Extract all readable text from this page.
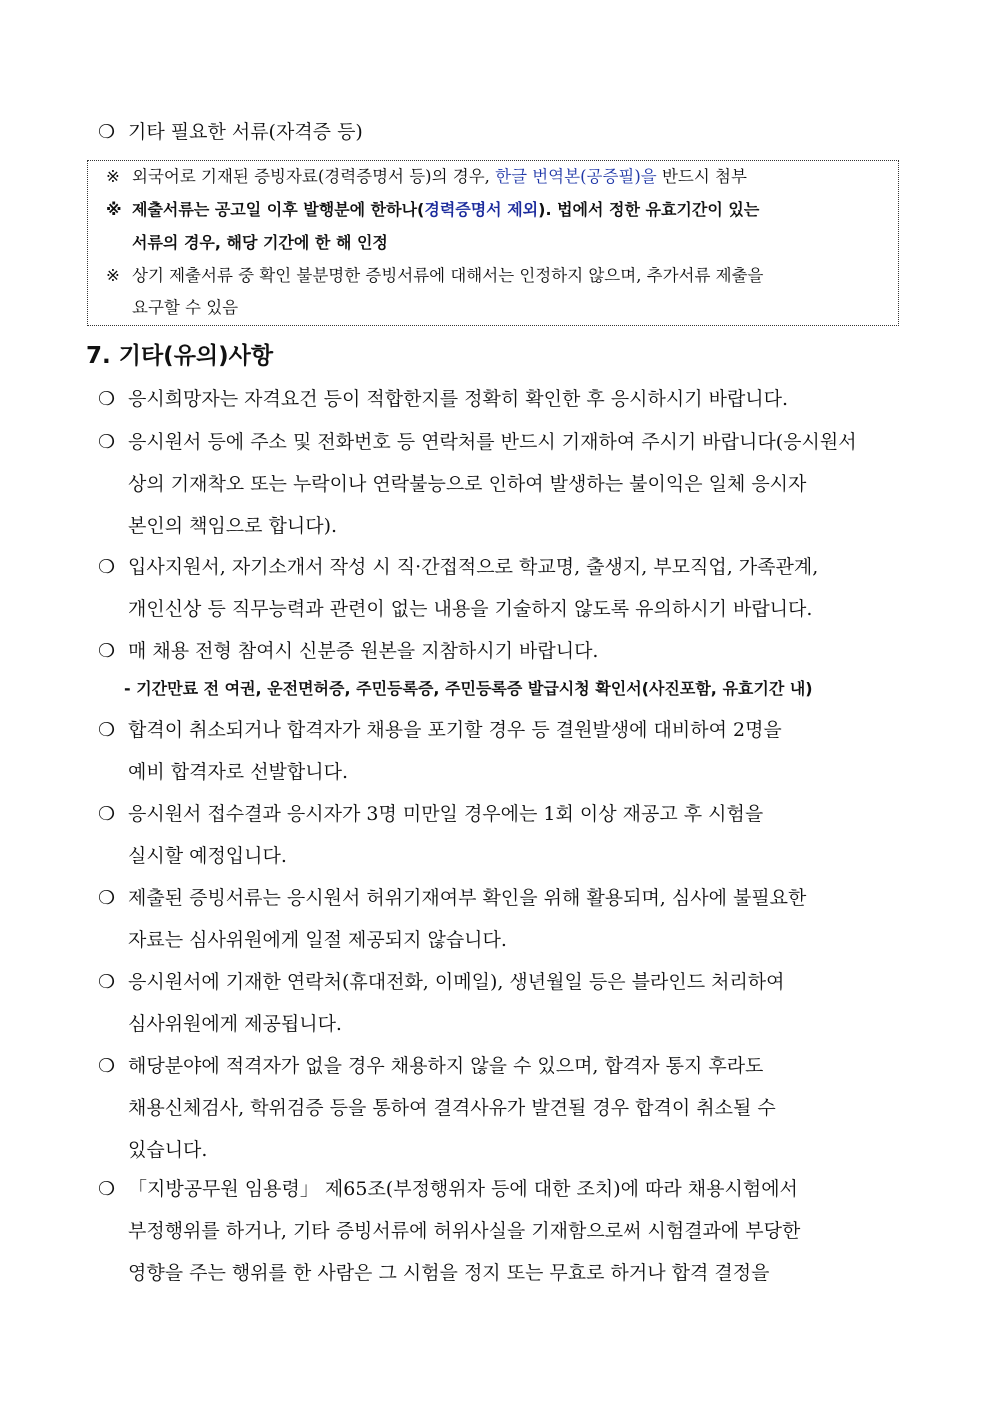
❍ 기타 필요한 서류(자격증 등)
※ 외국어로 기재된 증빙자료(경력증명서 등)의 경우, 한글 번역본(공증필)을 반드시 첨부
※ 제출서류는 공고일 이후 발행분에 한하나(경력증명서 제외). 법에서 정한 유효기간이 있는
서류의 경우, 해당 기간에 한 해 인정
※ 상기 제출서류 중 확인 불분명한 증빙서류에 대해서는 인정하지 않으며, 추가서류 제출을
요구할 수 있음
7. 기타(유의)사항
❍ 응시희망자는 자격요건 등이 적합한지를 정확히 확인한 후 응시하시기 바랍니다.
❍ 응시원서 등에 주소 및 전화번호 등 연락처를 반드시 기재하여 주시기 바랍니다(응시원서
상의 기재착오 또는 누락이나 연락불능으로 인하여 발생하는 불이익은 일체 응시자
본인의 책임으로 합니다).
❍ 입사지원서, 자기소개서 작성 시 직·간접적으로 학교명, 출생지, 부모직업, 가족관계,
개인신상 등 직무능력과 관련이 없는 내용을 기술하지 않도록 유의하시기 바랍니다.
❍ 매 채용 전형 참여시 신분증 원본을 지참하시기 바랍니다.
- 기간만료 전 여권, 운전면허증, 주민등록증, 주민등록증 발급시청 확인서(사진포함, 유효기간 내)
❍ 합격이 취소되거나 합격자가 채용을 포기할 경우 등 결원발생에 대비하여 2명을
예비 합격자로 선발합니다.
❍ 응시원서 접수결과 응시자가 3명 미만일 경우에는 1회 이상 재공고 후 시험을
실시할 예정입니다.
❍ 제출된 증빙서류는 응시원서 허위기재여부 확인을 위해 활용되며, 심사에 불필요한
자료는 심사위원에게 일절 제공되지 않습니다.
❍ 응시원서에 기재한 연락처(휴대전화, 이메일), 생년월일 등은 블라인드 처리하여
심사위원에게 제공됩니다.
❍ 해당분야에 적격자가 없을 경우 채용하지 않을 수 있으며, 합격자 통지 후라도
채용신체검사, 학위검증 등을 통하여 결격사유가 발견될 경우 합격이 취소될 수
있습니다.
❍ 「지방공무원 임용령」 제65조(부정행위자 등에 대한 조치)에 따라 채용시험에서
부정행위를 하거나, 기타 증빙서류에 허위사실을 기재함으로써 시험결과에 부당한
영향을 주는 행위를 한 사람은 그 시험을 정지 또는 무효로 하거나 합격 결정을
